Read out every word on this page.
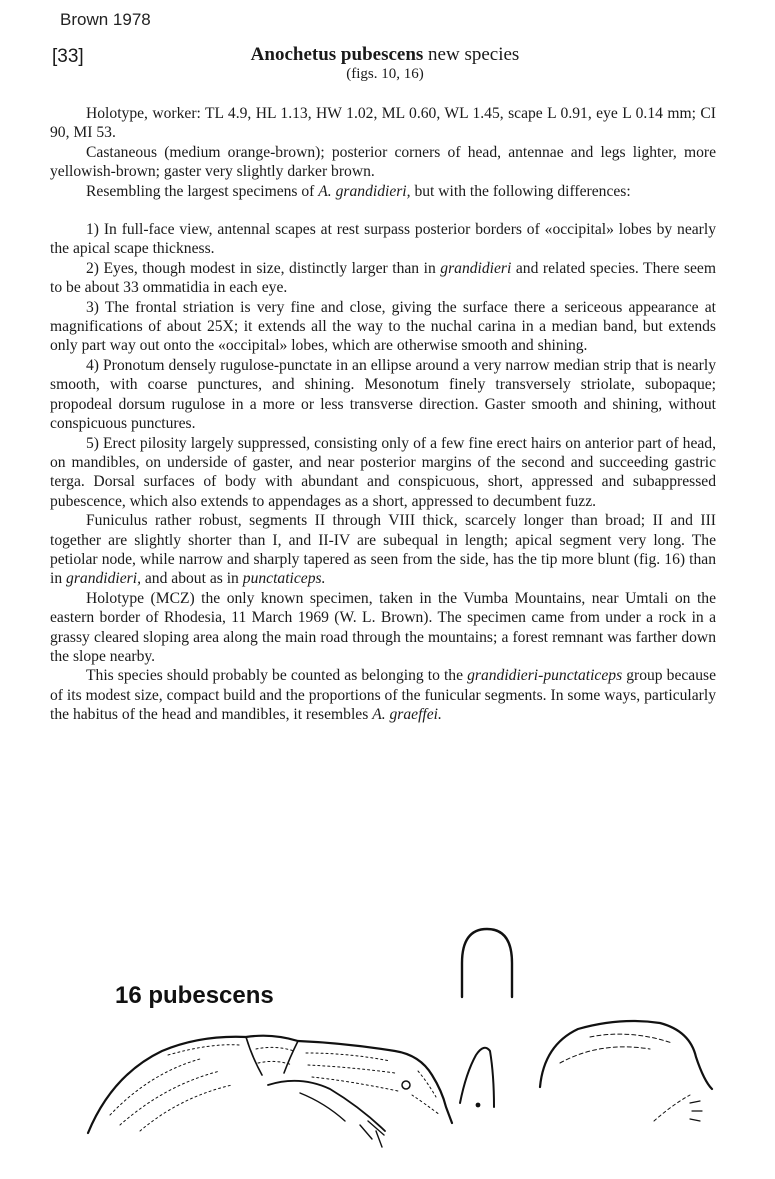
Brown 1978
[33]	Anochetus pubescens new species
(figs. 10, 16)

Holotype, worker: TL 4.9, HL 1.13, HW 1.02, ML 0.60, WL 1.45, scape L 0.91, eye L 0.14 mm; CI 90, MI 53.

Castaneous (medium orange-brown); posterior corners of head, antennae and legs lighter, more yellowish-brown; gaster very slightly darker brown.

Resembling the largest specimens of A. grandidieri, but with the following differences:

1) In full-face view, antennal scapes at rest surpass posterior borders of «occipital» lobes by nearly the apical scape thickness.

2) Eyes, though modest in size, distinctly larger than in grandidieri and related species. There seem to be about 33 ommatidia in each eye.

3) The frontal striation is very fine and close, giving the surface there a sericeous appearance at magnifications of about 25X; it extends all the way to the nuchal carina in a median band, but extends only part way out onto the «occipital» lobes, which are otherwise smooth and shining.

4) Pronotum densely rugulose-punctate in an ellipse around a very narrow median strip that is nearly smooth, with coarse punctures, and shining. Mesonotum finely transversely striolate, subopaque; propodeal dorsum rugulose in a more or less transverse direction. Gaster smooth and shining, without conspicuous punctures.

5) Erect pilosity largely suppressed, consisting only of a few fine erect hairs on anterior part of head, on mandibles, on underside of gaster, and near posterior margins of the second and succeeding gastric terga. Dorsal surfaces of body with abundant and conspicuous, short, appressed and subappressed pubescence, which also extends to appendages as a short, appressed to decumbent fuzz.

Funiculus rather robust, segments II through VIII thick, scarcely longer than broad; II and III together are slightly shorter than I, and II-IV are subequal in length; apical segment very long. The petiolar node, while narrow and sharply tapered as seen from the side, has the tip more blunt (fig. 16) than in grandidieri, and about as in punctaticeps.

Holotype (MCZ) the only known specimen, taken in the Vumba Mountains, near Umtali on the eastern border of Rhodesia, 11 March 1969 (W. L. Brown). The specimen came from under a rock in a grassy cleared sloping area along the main road through the mountains; a forest remnant was farther down the slope nearby.

This species should probably be counted as belonging to the grandidieri-punctaticeps group because of its modest size, compact build and the proportions of the funicular segments. In some ways, particularly the habitus of the head and mandibles, it resembles A. graeffei.

16 pubescens
